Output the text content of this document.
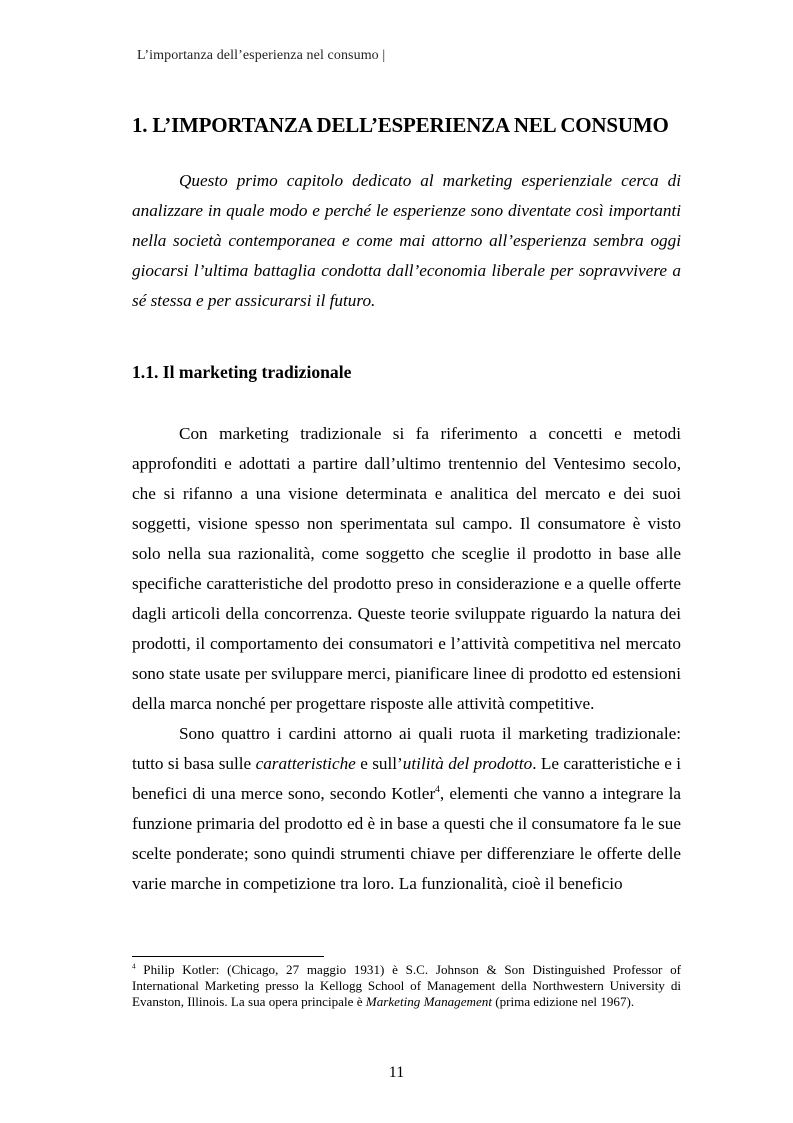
L’importanza dell’esperienza nel consumo |
1. L’IMPORTANZA DELL’ESPERIENZA NEL CONSUMO

Questo primo capitolo dedicato al marketing esperienziale cerca di analizzare in quale modo e perché le esperienze sono diventate così importanti nella società contemporanea e come mai attorno all’esperienza sembra oggi giocarsi l’ultima battaglia condotta dall’economia liberale per sopravvivere a sé stessa e per assicurarsi il futuro.

1.1. Il marketing tradizionale

Con marketing tradizionale si fa riferimento a concetti e metodi approfonditi e adottati a partire dall’ultimo trentennio del Ventesimo secolo, che si rifanno a una visione determinata e analitica del mercato e dei suoi soggetti, visione spesso non sperimentata sul campo. Il consumatore è visto solo nella sua razionalità, come soggetto che sceglie il prodotto in base alle specifiche caratteristiche del prodotto preso in considerazione e a quelle offerte dagli articoli della concorrenza. Queste teorie sviluppate riguardo la natura dei prodotti, il comportamento dei consumatori e l’attività competitiva nel mercato sono state usate per sviluppare merci, pianificare linee di prodotto ed estensioni della marca nonché per progettare risposte alle attività competitive.

Sono quattro i cardini attorno ai quali ruota il marketing tradizionale: tutto si basa sulle caratteristiche e sull’utilità del prodotto. Le caratteristiche e i benefici di una merce sono, secondo Kotler$^4$, elementi che vanno a integrare la funzione primaria del prodotto ed è in base a questi che il consumatore fa le sue scelte ponderate; sono quindi strumenti chiave per differenziare le offerte delle varie marche in competizione tra loro. La funzionalità, cioè il beneficio

$^4$ Philip Kotler: (Chicago, 27 maggio 1931) è S.C. Johnson & Son Distinguished Professor of International Marketing presso la Kellogg School of Management della Northwestern University di Evanston, Illinois. La sua opera principale è Marketing Management (prima edizione nel 1967).

11
